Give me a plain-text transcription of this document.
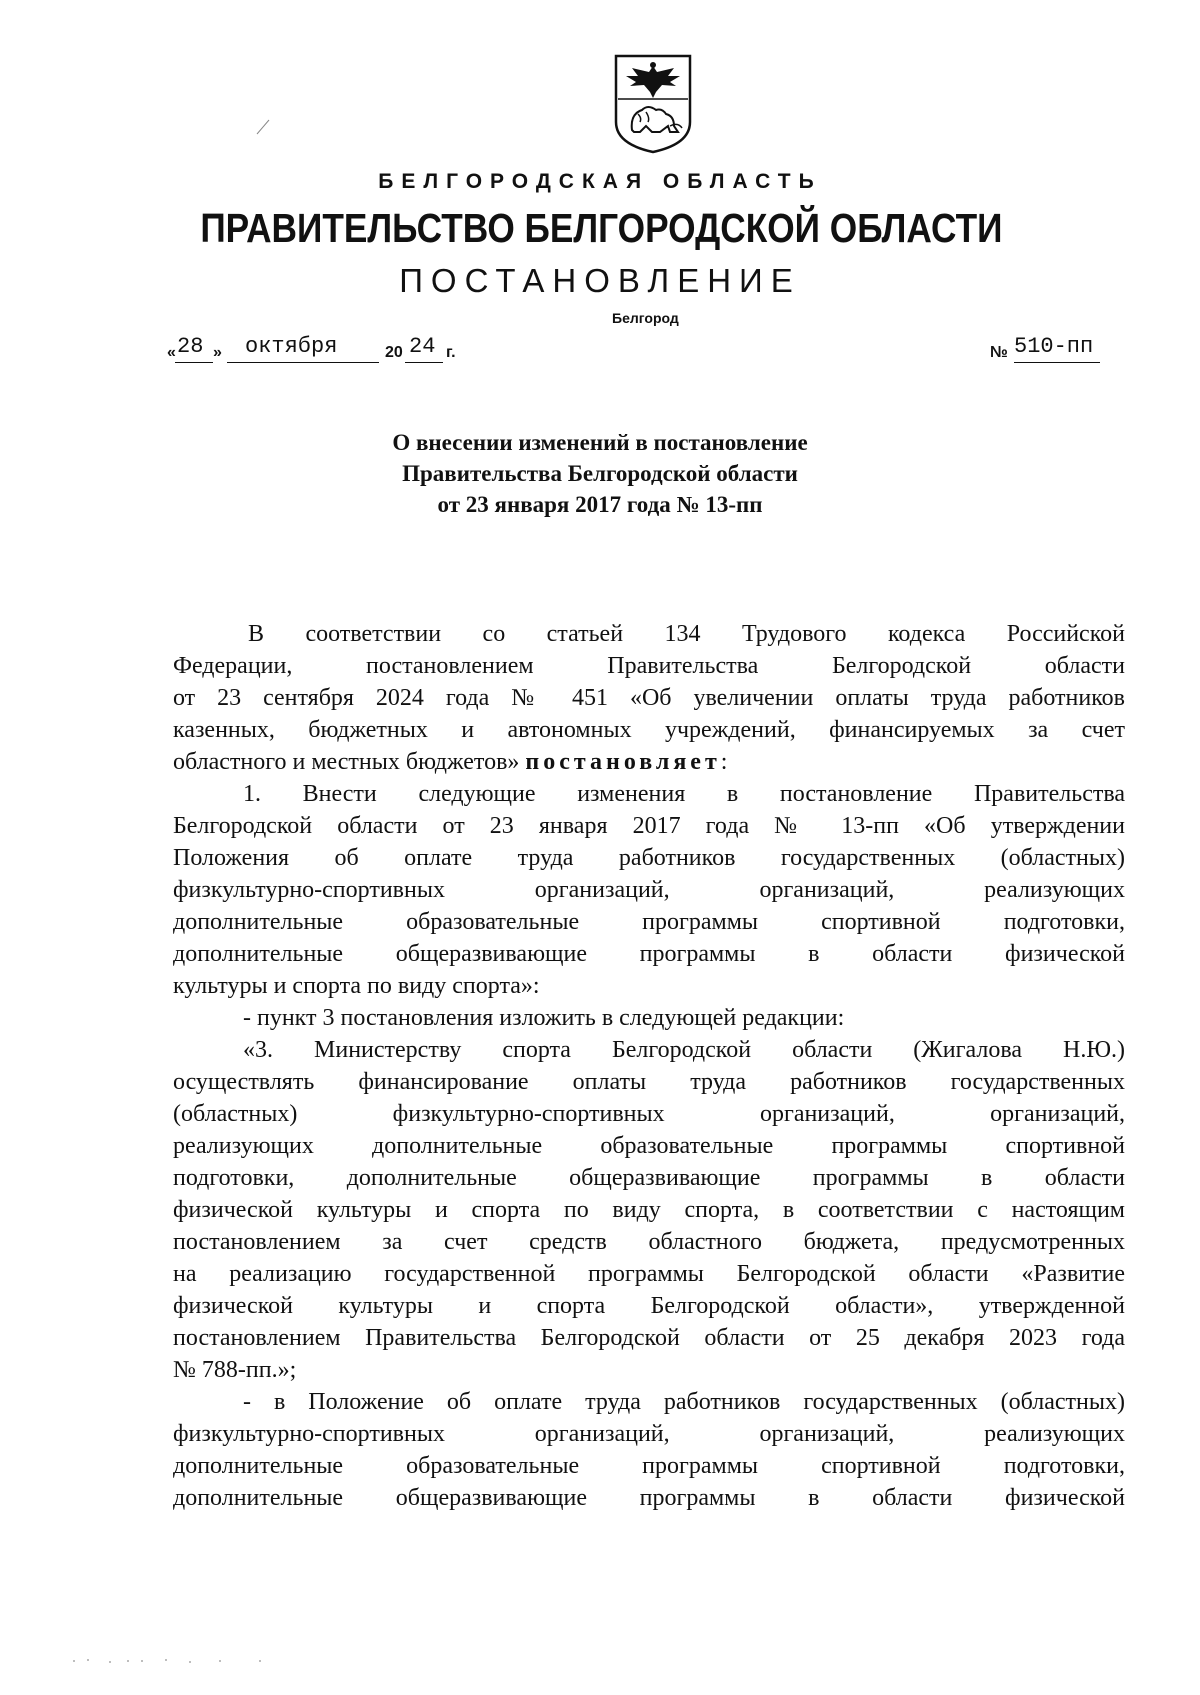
БЕЛГОРОДСКАЯ ОБЛАСТЬ
ПРАВИТЕЛЬСТВО БЕЛГОРОДСКОЙ ОБЛАСТИ
ПОСТАНОВЛЕНИЕ
Белгород
« 28 » октября	20 24 г.	№ 510-пп
О внесении изменений в постановление
Правительства Белгородской области
от 23 января 2017 года № 13-пп
В соответствии со статьей 134 Трудового кодекса Российской
Федерации, постановлением Правительства Белгородской области
от 23 сентября 2024 года № 451 «Об увеличении оплаты труда работников
казенных, бюджетных и автономных учреждений, финансируемых за счет
областного и местных бюджетов» постановляет:
1. Внести следующие изменения в постановление Правительства
Белгородской области от 23 января 2017 года № 13-пп «Об утверждении
Положения об оплате труда работников государственных (областных)
физкультурно-спортивных организаций, организаций, реализующих
дополнительные образовательные программы спортивной подготовки,
дополнительные общеразвивающие программы в области физической
культуры и спорта по виду спорта»:
- пункт 3 постановления изложить в следующей редакции:
«3. Министерству спорта Белгородской области (Жигалова Н.Ю.)
осуществлять финансирование оплаты труда работников государственных
(областных) физкультурно-спортивных организаций, организаций,
реализующих дополнительные образовательные программы спортивной
подготовки, дополнительные общеразвивающие программы в области
физической культуры и спорта по виду спорта, в соответствии с настоящим
постановлением за счет средств областного бюджета, предусмотренных
на реализацию государственной программы Белгородской области «Развитие
физической культуры и спорта Белгородской области», утвержденной
постановлением Правительства Белгородской области от 25 декабря 2023 года
№ 788-пп.»;
- в Положение об оплате труда работников государственных (областных)
физкультурно-спортивных организаций, организаций, реализующих
дополнительные образовательные программы спортивной подготовки,
дополнительные общеразвивающие программы в области физической
